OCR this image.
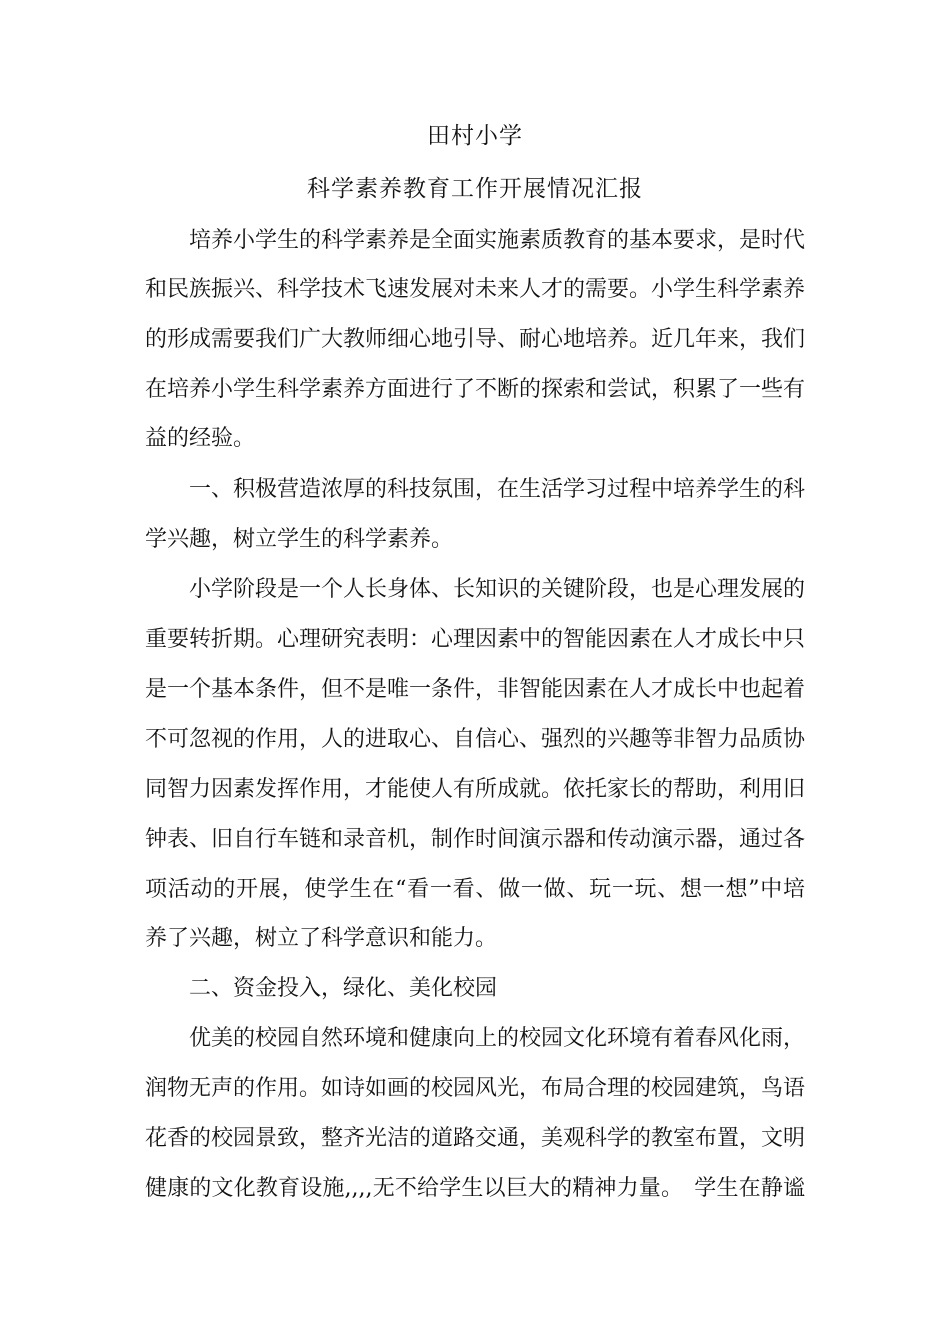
田村小学
科学素养教育工作开展情况汇报
　　培养小学生的科学素养是全面实施素质教育的基本要求，是时代
和民族振兴、科学技术飞速发展对未来人才的需要。小学生科学素养
的形成需要我们广大教师细心地引导、耐心地培养。近几年来，我们
在培养小学生科学素养方面进行了不断的探索和尝试，积累了一些有
益的经验。
　　一、积极营造浓厚的科技氛围，在生活学习过程中培养学生的科
学兴趣，树立学生的科学素养。
　　小学阶段是一个人长身体、长知识的关键阶段，也是心理发展的
重要转折期。心理研究表明：心理因素中的智能因素在人才成长中只
是一个基本条件，但不是唯一条件，非智能因素在人才成长中也起着
不可忽视的作用，人的进取心、自信心、强烈的兴趣等非智力品质协
同智力因素发挥作用，才能使人有所成就。依托家长的帮助，利用旧
钟表、旧自行车链和录音机，制作时间演示器和传动演示器，通过各
项活动的开展，使学生在“看一看、做一做、玩一玩、想一想”中培
养了兴趣，树立了科学意识和能力。
　　二、资金投入，绿化、美化校园
　　优美的校园自然环境和健康向上的校园文化环境有着春风化雨，
润物无声的作用。如诗如画的校园风光，布局合理的校园建筑，鸟语
花香的校园景致，整齐光洁的道路交通，美观科学的教室布置，文明
健康的文化教育设施,,,,无不给学生以巨大的精神力量。　学生在静谧
